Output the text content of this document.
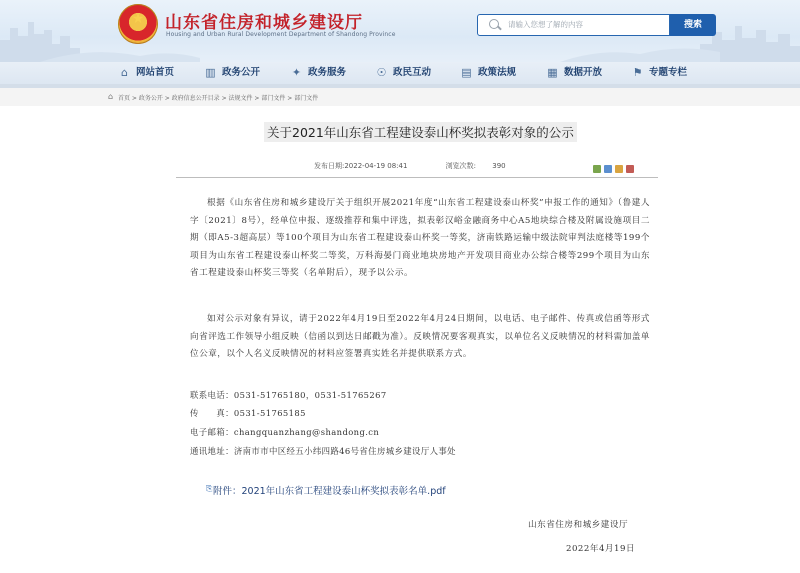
★ 山东省住房和城乡建设厅
Housing and Urban Rural Development Department of Shandong Province
请输入您想了解的内容	搜索
⌂ 网站首页	▥ 政务公开	✦ 政务服务	☉ 政民互动	▤ 政策法规	▦ 数据开放	⚑ 专题专栏
⌂ 首页 > 政务公开 > 政府信息公开目录 > 法规文件 > 部门文件 > 部门文件
关于2021年山东省工程建设泰山杯奖拟表彰对象的公示
发布日期:2022-04-19 08:41	浏览次数: 390

根据《山东省住房和城乡建设厅关于组织开展2021年度“山东省工程建设泰山杯奖”申报工作的通知》（鲁建人字〔2021〕8号），经单位申报、逐级推荐和集中评选，拟表彰汉峪金融商务中心A5地块综合楼及附属设施项目二期（即A5-3超高层）等100个项目为山东省工程建设泰山杯奖一等奖，济南铁路运输中级法院审判法庭楼等199个项目为山东省工程建设泰山杯奖二等奖，万科海晏门商业地块房地产开发项目商业办公综合楼等299个项目为山东省工程建设泰山杯奖三等奖（名单附后），现予以公示。

如对公示对象有异议，请于2022年4月19日至2022年4月24日期间，以电话、电子邮件、传真或信函等形式向省评选工作领导小组反映（信函以到达日邮戳为准）。反映情况要客观真实，以单位名义反映情况的材料需加盖单位公章，以个人名义反映情况的材料应签署真实姓名并提供联系方式。

联系电话：0531-51765180，0531-51765267
传　　真：0531-51765185
电子邮箱：changquanzhang@shandong.cn
通讯地址：济南市市中区经五小纬四路46号省住房城乡建设厅人事处
⎘ 附件：2021年山东省工程建设泰山杯奖拟表彰名单.pdf
山东省住房和城乡建设厅
2022年4月19日
